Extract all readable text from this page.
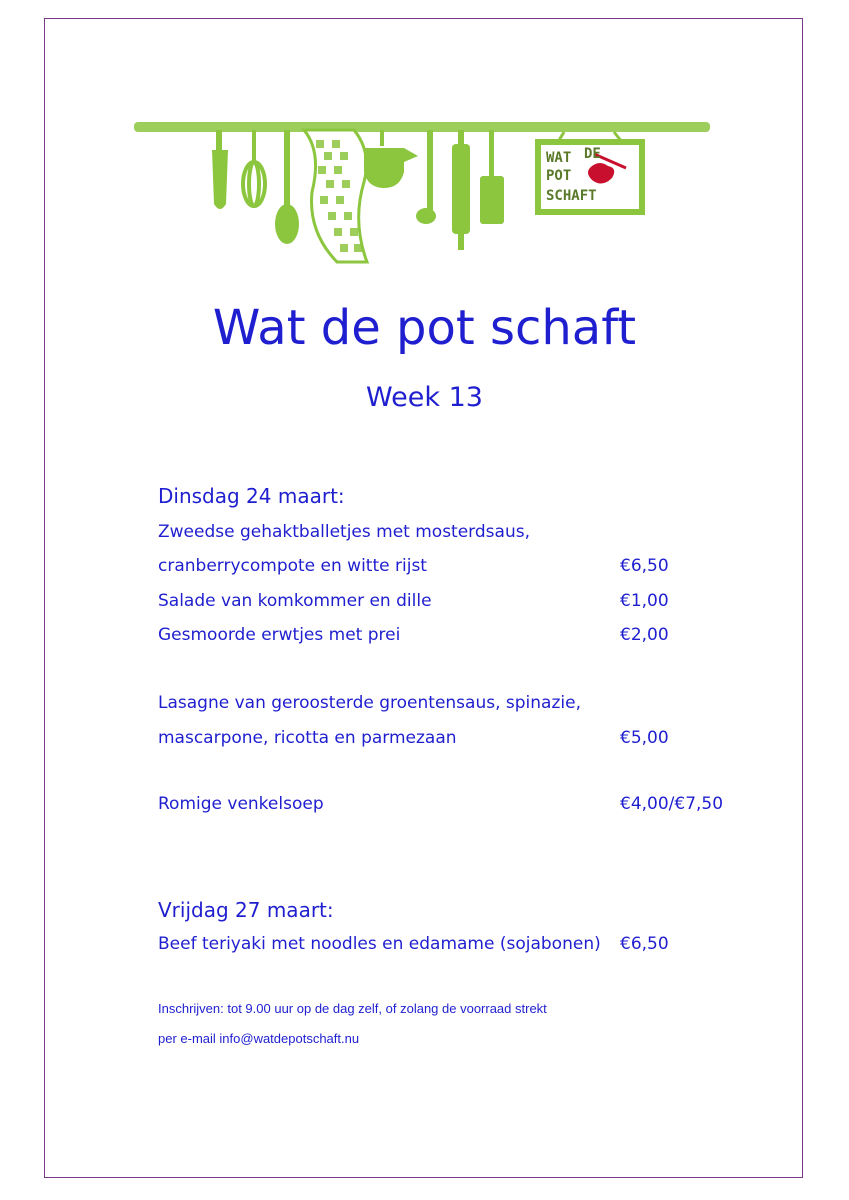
WAT DE
POT
SCHAFT
Wat de pot schaft
Week 13
Dinsdag 24 maart:
Zweedse gehaktballetjes met mosterdsaus,
cranberrycompote en witte rijst	€6,50
Salade van komkommer en dille	€1,00
Gesmoorde erwtjes met prei	€2,00
Lasagne van geroosterde groentensaus, spinazie,
mascarpone, ricotta en parmezaan	€5,00
Romige venkelsoep	€4,00/€7,50
Vrijdag 27 maart:
Beef teriyaki met noodles en edamame (sojabonen) €6,50
Inschrijven: tot 9.00 uur op de dag zelf, of zolang de voorraad strekt
per e-mail info@watdepotschaft.nu
